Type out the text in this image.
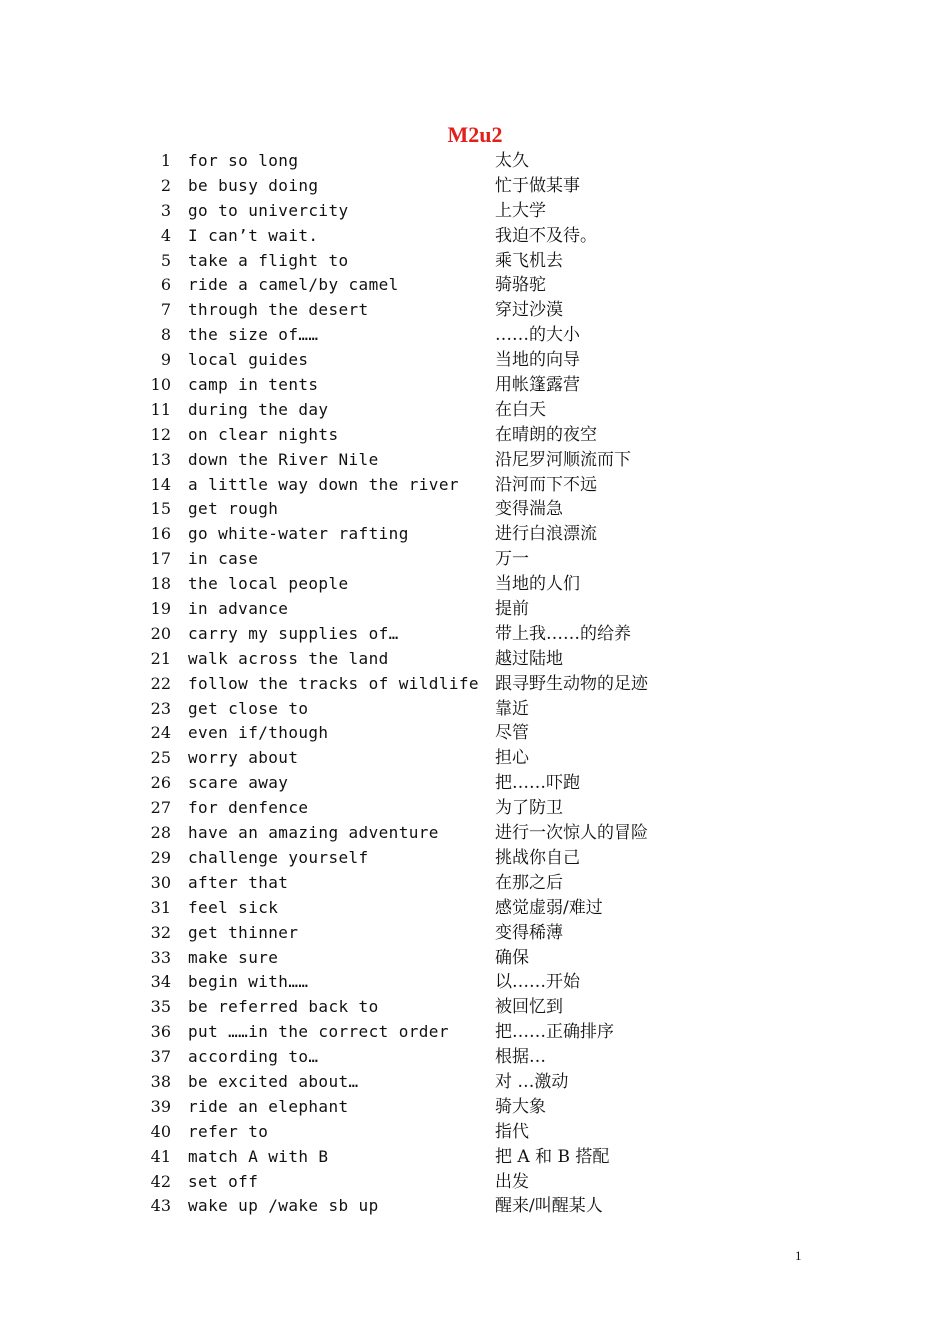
M2u2
1 for so long	太久
2 be busy doing	忙于做某事
3 go to univercity	上大学
4 I can’t wait.	我迫不及待。
5 take a flight to	乘飞机去
6 ride a camel/by camel	骑骆驼
7 through the desert	穿过沙漠
8 the size of……	……的大小
9 local guides	当地的向导
10 camp in tents	用帐篷露营
11 during the day	在白天
12 on clear nights	在晴朗的夜空
13 down the River Nile	沿尼罗河顺流而下
14 a little way down the river 沿河而下不远
15 get rough	变得湍急
16 go white-water rafting	进行白浪漂流
17 in case	万一
18 the local people	当地的人们
19 in advance	提前
20 carry my supplies of…	带上我……的给养
21 walk across the land	越过陆地
22 follow the tracks of wildlife 跟寻野生动物的足迹
23 get close to	靠近
24 even if/though	尽管
25 worry about	担心
26 scare away	把……吓跑
27 for denfence	为了防卫
28 have an amazing adventure	进行一次惊人的冒险
29 challenge yourself	挑战你自己
30 after that	在那之后
31 feel sick	感觉虚弱/难过
32 get thinner	变得稀薄
33 make sure	确保
34 begin with……	以……开始
35 be referred back to	被回忆到
36 put ……in the correct order	把……正确排序
37 according to…	根据…
38 be excited about…	对 …激动
39 ride an elephant	骑大象
40 refer to	指代
41 match A with B	把 A 和 B 搭配
42 set off	出发
43 wake up /wake sb up	醒来/叫醒某人
1
